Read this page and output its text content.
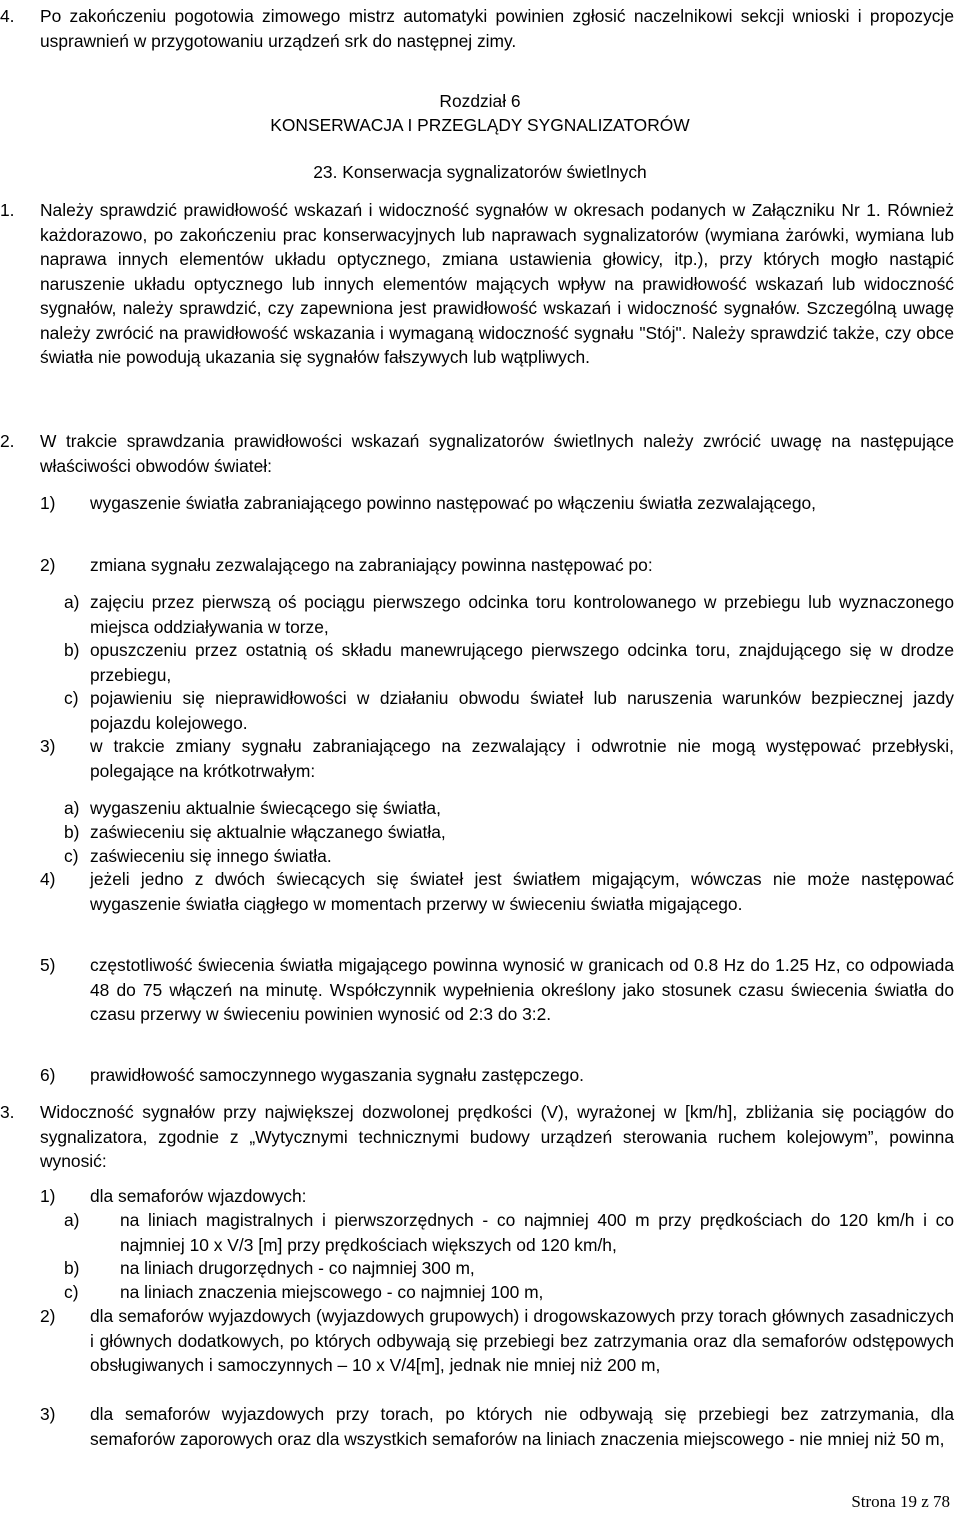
4. Po zakończeniu pogotowia zimowego mistrz automatyki powinien zgłosić naczelnikowi sekcji wnioski i propozycje usprawnień w przygotowaniu urządzeń srk do następnej zimy.
Rozdział 6
KONSERWACJA I PRZEGLĄDY SYGNALIZATORÓW
23. Konserwacja sygnalizatorów świetlnych
1. Należy sprawdzić prawidłowość wskazań i widoczność sygnałów w okresach podanych w Załączniku Nr 1. Również każdorazowo, po zakończeniu prac konserwacyjnych lub naprawach sygnalizatorów (wymiana żarówki, wymiana lub naprawa innych elementów układu optycznego, zmiana ustawienia głowicy, itp.), przy których mogło nastąpić naruszenie układu optycznego lub innych elementów mających wpływ na prawidłowość wskazań lub widoczność sygnałów, należy sprawdzić, czy zapewniona jest prawidłowość wskazań i widoczność sygnałów. Szczególną uwagę należy zwrócić na prawidłowość wskazania i wymaganą widoczność sygnału "Stój". Należy sprawdzić także, czy obce światła nie powodują ukazania się sygnałów fałszywych lub wątpliwych.
2. W trakcie sprawdzania prawidłowości wskazań sygnalizatorów świetlnych należy zwrócić uwagę na następujące właściwości obwodów świateł:
1) wygaszenie światła zabraniającego powinno następować po włączeniu światła zezwalającego,
2) zmiana sygnału zezwalającego na zabraniający powinna następować po:
a) zajęciu przez pierwszą oś pociągu pierwszego odcinka toru kontrolowanego w przebiegu lub wyznaczonego miejsca oddziaływania w torze,
b) opuszczeniu przez ostatnią oś składu manewrującego pierwszego odcinka toru, znajdującego się w drodze przebiegu,
c) pojawieniu się nieprawidłowości w działaniu obwodu świateł lub naruszenia warunków bezpiecznej jazdy pojazdu kolejowego.
3) w trakcie zmiany sygnału zabraniającego na zezwalający i odwrotnie nie mogą występować przebłyski, polegające na krótkotrwałym:
a) wygaszeniu aktualnie świecącego się światła,
b) zaświeceniu się aktualnie włączanego światła,
c) zaświeceniu się innego światła.
4) jeżeli jedno z dwóch świecących się świateł jest światłem migającym, wówczas nie może następować wygaszenie światła ciągłego w momentach przerwy w świeceniu światła migającego.
5) częstotliwość świecenia światła migającego powinna wynosić w granicach od 0.8 Hz do 1.25 Hz, co odpowiada 48 do 75 włączeń na minutę. Współczynnik wypełnienia określony jako stosunek czasu świecenia światła do czasu przerwy w świeceniu powinien wynosić od 2:3 do 3:2.
6) prawidłowość samoczynnego wygaszania sygnału zastępczego.
3. Widoczność sygnałów przy największej dozwolonej prędkości (V), wyrażonej w [km/h], zbliżania się pociągów do sygnalizatora, zgodnie z „Wytycznymi technicznymi budowy urządzeń sterowania ruchem kolejowym”, powinna wynosić:
1) dla semaforów wjazdowych:
a) na liniach magistralnych i pierwszorzędnych - co najmniej 400 m przy prędkościach do 120 km/h i co najmniej 10 x V/3 [m] przy prędkościach większych od 120 km/h,
b) na liniach drugorzędnych - co najmniej 300 m,
c) na liniach znaczenia miejscowego - co najmniej 100 m,
2) dla semaforów wyjazdowych (wyjazdowych grupowych) i drogowskazowych przy torach głównych zasadniczych i głównych dodatkowych, po których odbywają się przebiegi bez zatrzymania oraz dla semaforów odstępowych obsługiwanych i samoczynnych – 10 x V/4[m], jednak nie mniej niż 200 m,
3) dla semaforów wyjazdowych przy torach, po których nie odbywają się przebiegi bez zatrzymania, dla semaforów zaporowych oraz dla wszystkich semaforów na liniach znaczenia miejscowego - nie mniej niż 50 m,
Strona 19 z 78
